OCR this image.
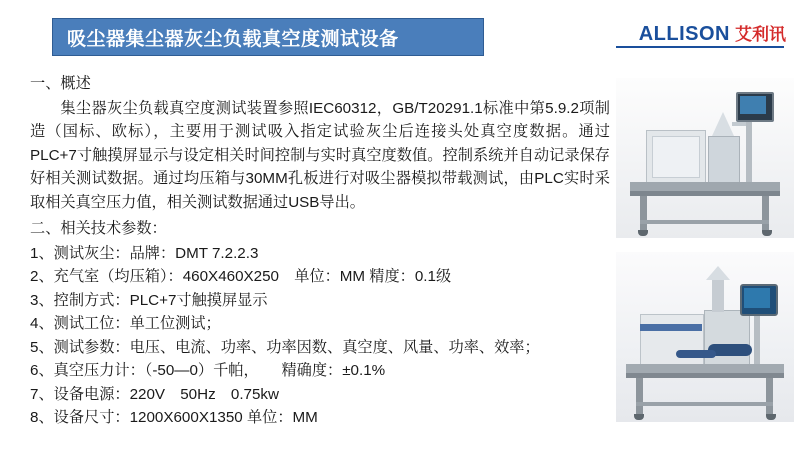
吸尘器集尘器灰尘负载真空度测试设备	ALLISON 艾利讯

一、概述

集尘器灰尘负载真空度测试装置参照IEC60312，GB/T20291.1标准中第5.9.2项制造（国标、欧标），主要用于测试吸入指定试验灰尘后连接头处真空度数据。通过PLC+7寸触摸屏显示与设定相关时间控制与实时真空度数值。控制系统并自动记录保存好相关测试数据。通过均压箱与30MM孔板进行对吸尘器模拟带载测试，由PLC实时采取相关真空压力值，相关测试数据通过USB导出。

二、相关技术参数：

1、测试灰尘：品牌：DMT 7.2.2.3
2、充气室（均压箱）：460X460X250　单位：MM 精度：0.1级
3、控制方式：PLC+7寸触摸屏显示
4、测试工位：单工位测试；
5、测试参数：电压、电流、功率、功率因数、真空度、风量、功率、效率；
6、真空压力计：（-50—0）千帕，　　精确度：±0.1%
7、设备电源：220V　50Hz　0.75kw
8、设备尺寸：1200X600X1350 单位：MM
